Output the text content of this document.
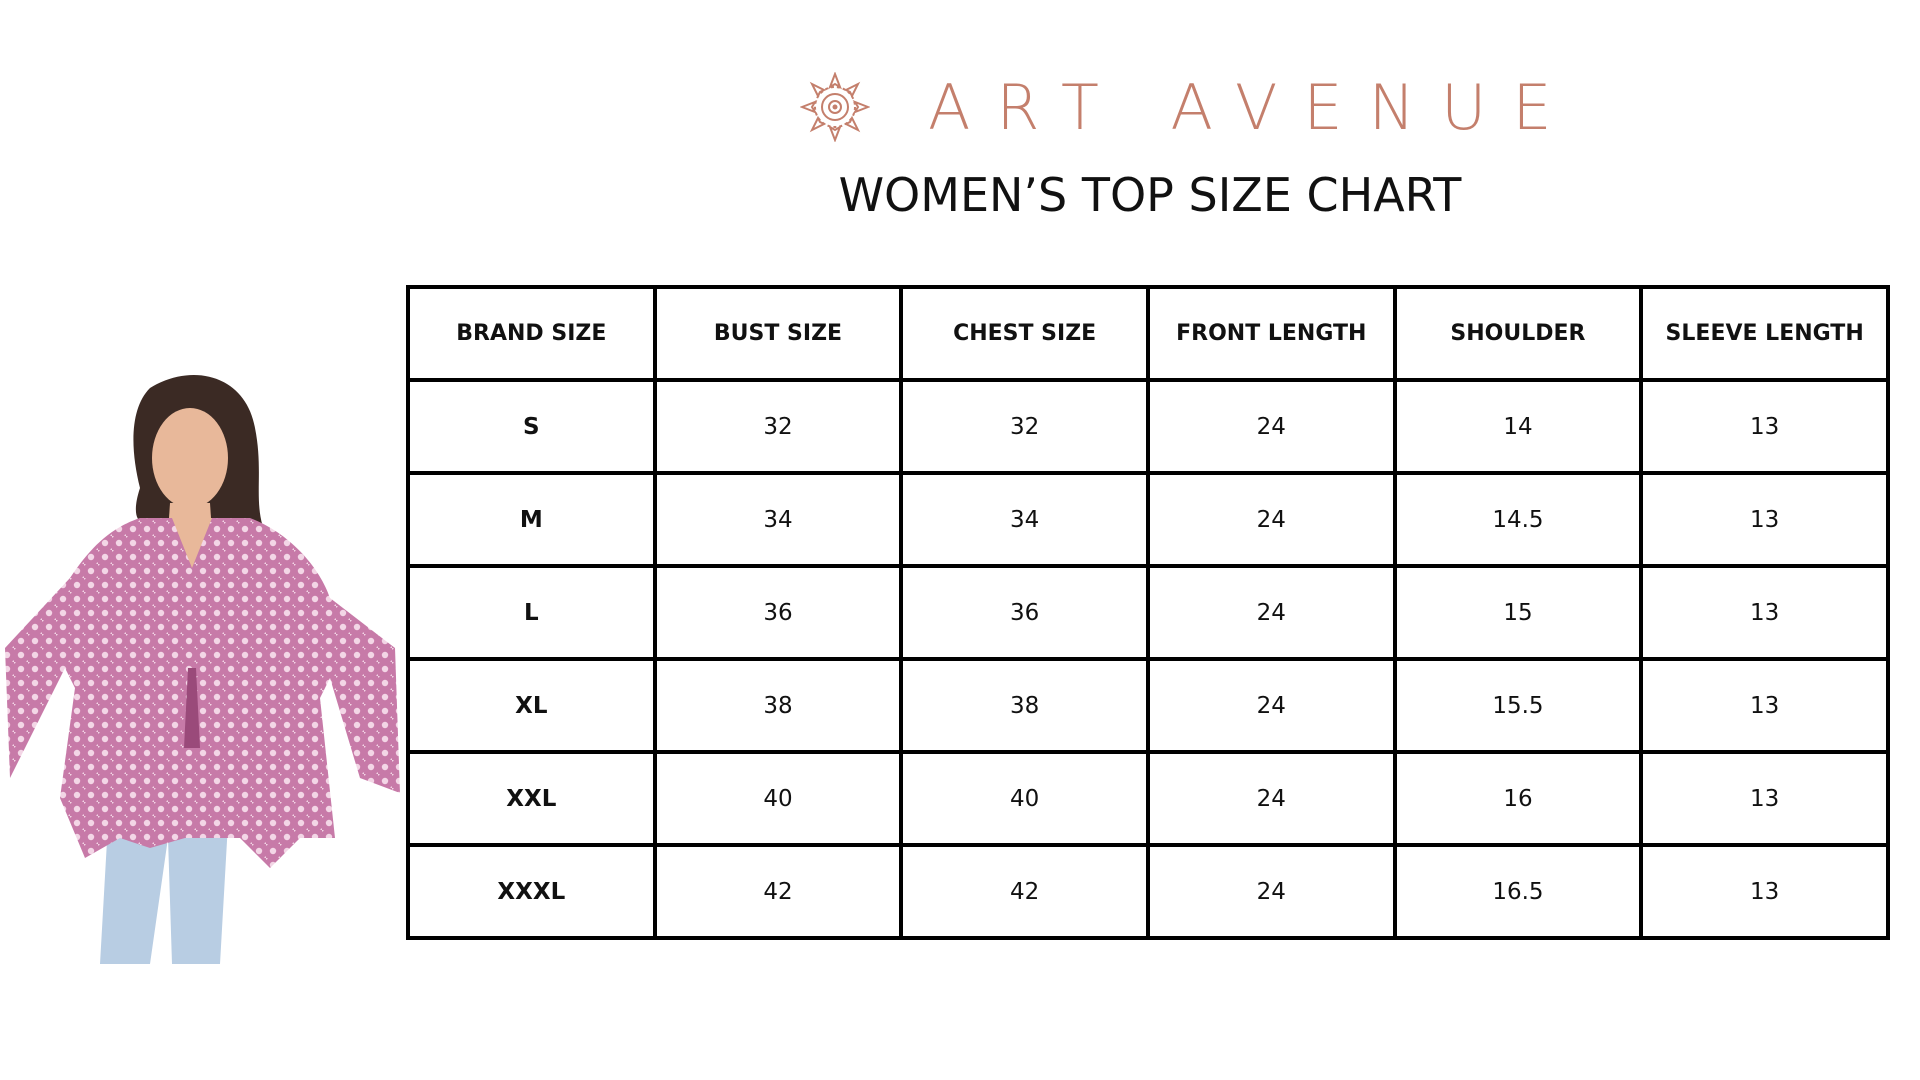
ART AVENUE
WOMEN’S TOP SIZE CHART
BRAND SIZE	BUST SIZE	CHEST SIZE	FRONT LENGTH	SHOULDER	SLEEVE LENGTH
S	32	32	24	14	13
M	34	34	24	14.5	13
L	36	36	24	15	13
XL	38	38	24	15.5	13
XXL	40	40	24	16	13
XXXL	42	42	24	16.5	13
